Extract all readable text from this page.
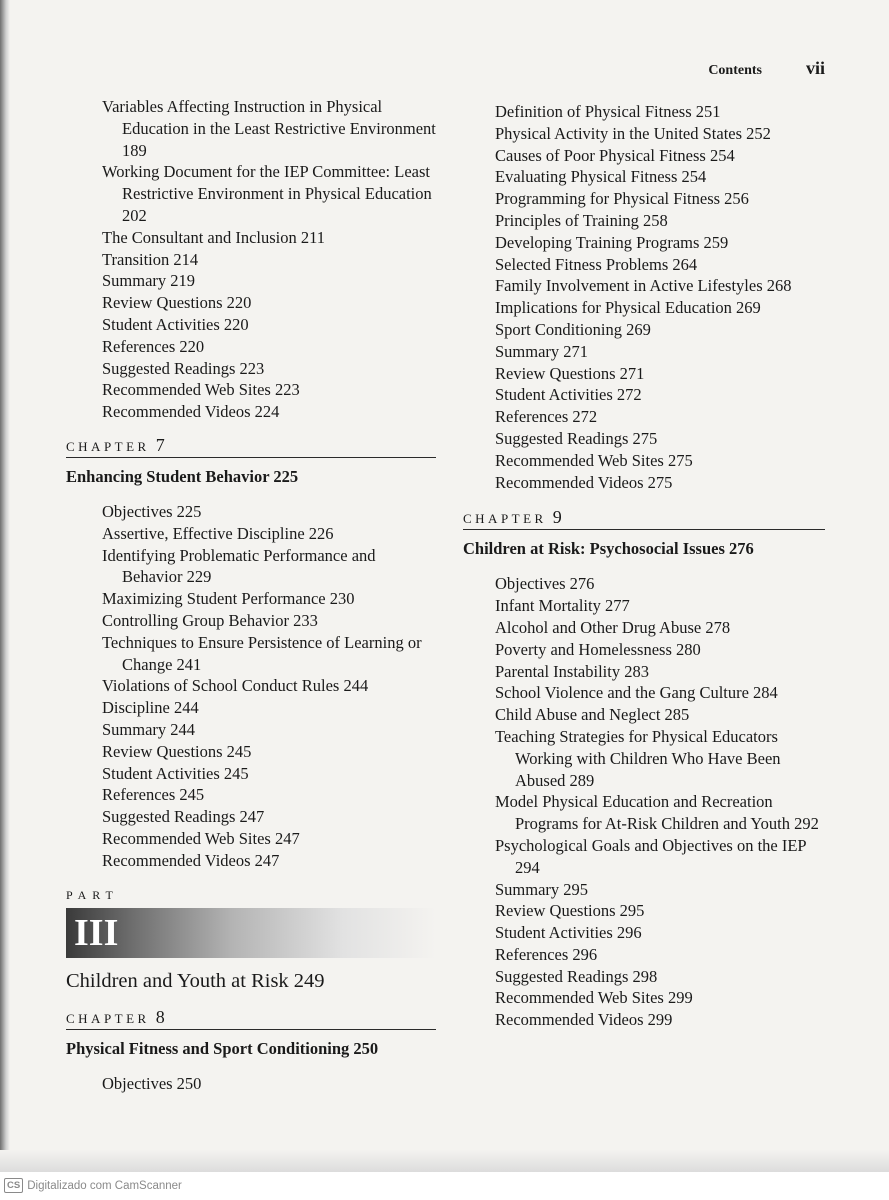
Contents vii
Variables Affecting Instruction in Physical Education in the Least Restrictive Environment 189
Working Document for the IEP Committee: Least Restrictive Environment in Physical Education 202
The Consultant and Inclusion 211
Transition 214
Summary 219
Review Questions 220
Student Activities 220
References 220
Suggested Readings 223
Recommended Web Sites 223
Recommended Videos 224
CHAPTER 7
Enhancing Student Behavior 225
Objectives 225
Assertive, Effective Discipline 226
Identifying Problematic Performance and Behavior 229
Maximizing Student Performance 230
Controlling Group Behavior 233
Techniques to Ensure Persistence of Learning or Change 241
Violations of School Conduct Rules 244
Discipline 244
Summary 244
Review Questions 245
Student Activities 245
References 245
Suggested Readings 247
Recommended Web Sites 247
Recommended Videos 247
PART
III
Children and Youth at Risk 249
CHAPTER 8
Physical Fitness and Sport Conditioning 250
Objectives 250
Definition of Physical Fitness 251
Physical Activity in the United States 252
Causes of Poor Physical Fitness 254
Evaluating Physical Fitness 254
Programming for Physical Fitness 256
Principles of Training 258
Developing Training Programs 259
Selected Fitness Problems 264
Family Involvement in Active Lifestyles 268
Implications for Physical Education 269
Sport Conditioning 269
Summary 271
Review Questions 271
Student Activities 272
References 272
Suggested Readings 275
Recommended Web Sites 275
Recommended Videos 275
CHAPTER 9
Children at Risk: Psychosocial Issues 276
Objectives 276
Infant Mortality 277
Alcohol and Other Drug Abuse 278
Poverty and Homelessness 280
Parental Instability 283
School Violence and the Gang Culture 284
Child Abuse and Neglect 285
Teaching Strategies for Physical Educators Working with Children Who Have Been Abused 289
Model Physical Education and Recreation Programs for At-Risk Children and Youth 292
Psychological Goals and Objectives on the IEP 294
Summary 295
Review Questions 295
Student Activities 296
References 296
Suggested Readings 298
Recommended Web Sites 299
Recommended Videos 299
CS Digitalizado com CamScanner
